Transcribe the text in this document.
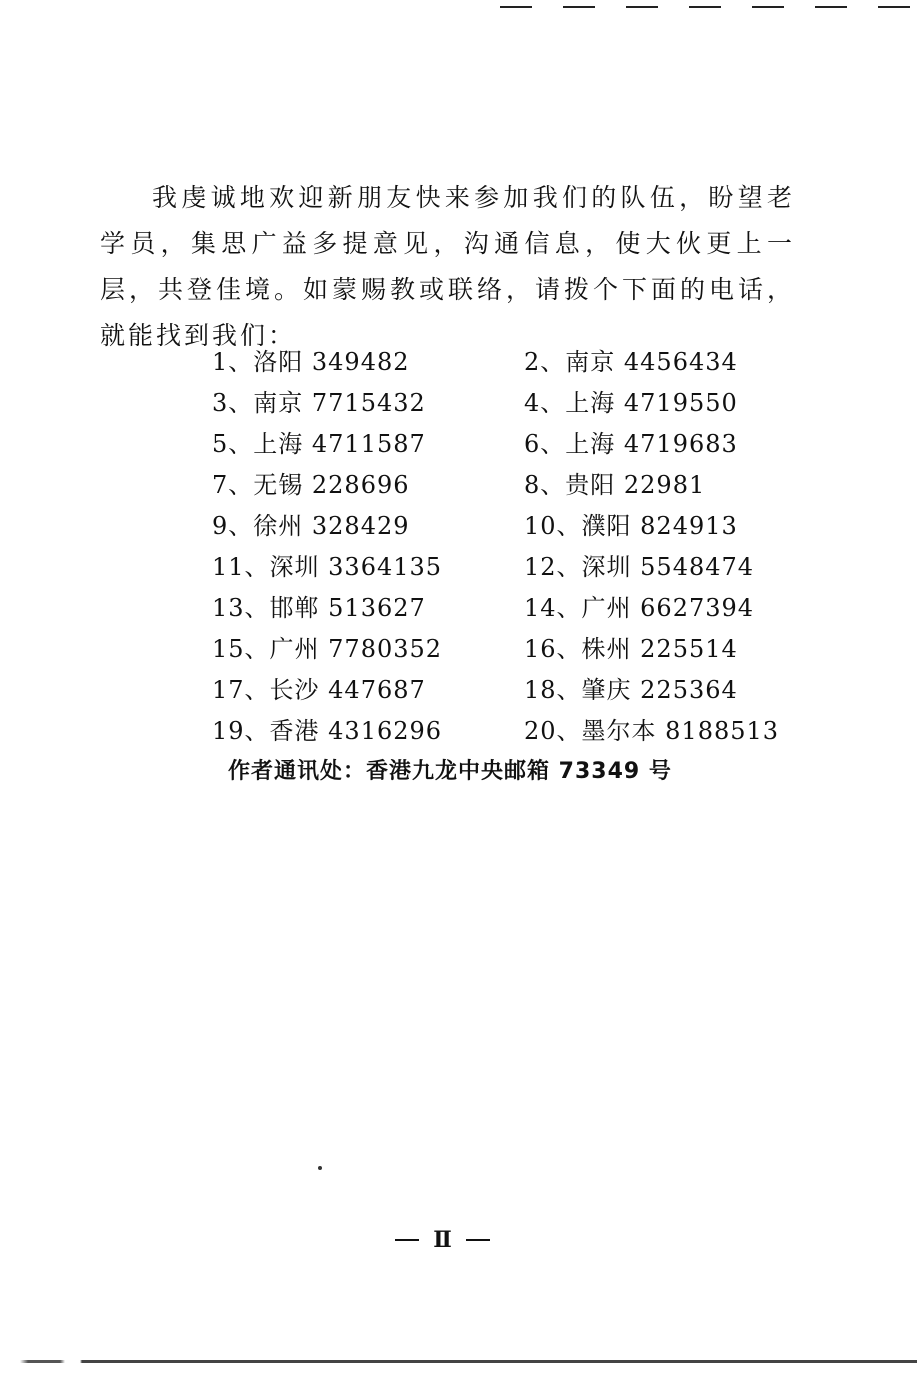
我虔诚地欢迎新朋友快来参加我们的队伍，盼望老学员，集思广益多提意见，沟通信息，使大伙更上一层，共登佳境。如蒙赐教或联络，请拨个下面的电话，就能找到我们：

1、洛阳 349482	2、南京 4456434
3、南京 7715432	4、上海 4719550
5、上海 4711587	6、上海 4719683
7、无锡 228696	8、贵阳 22981
9、徐州 328429	10、濮阳 824913
11、深圳 3364135	12、深圳 5548474
13、邯郸 513627	14、广州 6627394
15、广州 7780352	16、株州 225514
17、长沙 447687	18、肇庆 225364
19、香港 4316296	20、墨尔本 8188513
作者通讯处：香港九龙中央邮箱 73349 号
Ⅱ
